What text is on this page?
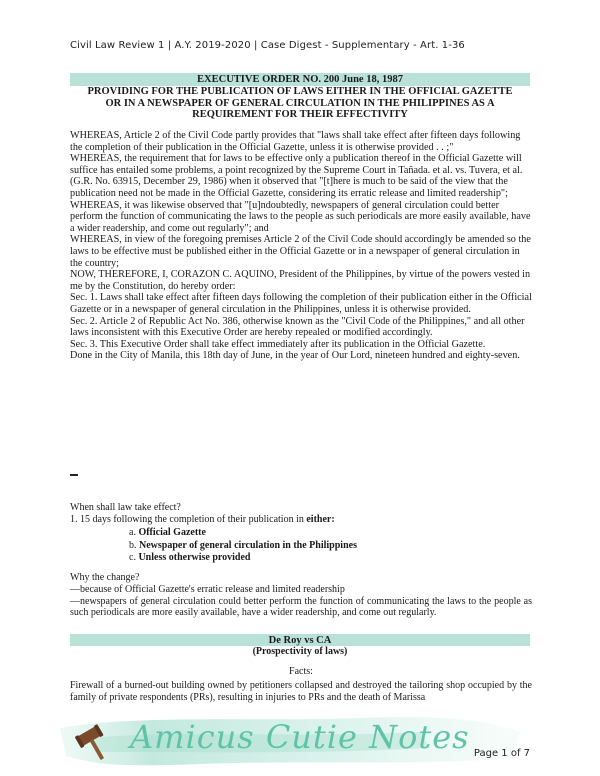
Civil Law Review 1 | A.Y. 2019-2020 | Case Digest - Supplementary - Art. 1-36
EXECUTIVE ORDER NO. 200 June 18, 1987
PROVIDING FOR THE PUBLICATION OF LAWS EITHER IN THE OFFICIAL GAZETTE
OR IN A NEWSPAPER OF GENERAL CIRCULATION IN THE PHILIPPINES AS A
REQUIREMENT FOR THEIR EFFECTIVITY

WHEREAS, Article 2 of the Civil Code partly provides that "laws shall take effect after fifteen days following the completion of their publication in the Official Gazette, unless it is otherwise provided . . ;"

WHEREAS, the requirement that for laws to be effective only a publication thereof in the Official Gazette will suffice has entailed some problems, a point recognized by the Supreme Court in Tañada. et al. vs. Tuvera, et al. (G.R. No. 63915, December 29, 1986) when it observed that "[t]here is much to be said of the view that the publication need not be made in the Official Gazette, considering its erratic release and limited readership";

WHEREAS, it was likewise observed that "[u]ndoubtedly, newspapers of general circulation could better perform the function of communicating the laws to the people as such periodicals are more easily available, have a wider readership, and come out regularly"; and

WHEREAS, in view of the foregoing premises Article 2 of the Civil Code should accordingly be amended so the laws to be effective must be published either in the Official Gazette or in a newspaper of general circulation in the country;

NOW, THEREFORE, I, CORAZON C. AQUINO, President of the Philippines, by virtue of the powers vested in me by the Constitution, do hereby order:

Sec. 1. Laws shall take effect after fifteen days following the completion of their publication either in the Official Gazette or in a newspaper of general circulation in the Philippines, unless it is otherwise provided.

Sec. 2. Article 2 of Republic Act No. 386, otherwise known as the "Civil Code of the Philippines," and all other laws inconsistent with this Executive Order are hereby repealed or modified accordingly.

Sec. 3. This Executive Order shall take effect immediately after its publication in the Official Gazette.

Done in the City of Manila, this 18th day of June, in the year of Our Lord, nineteen hundred and eighty-seven.

When shall law take effect?
1. 15 days following the completion of their publication in either:
a. Official Gazette
b. Newspaper of general circulation in the Philippines
c. Unless otherwise provided
Why the change?
—because of Official Gazette's erratic release and limited readership
—newspapers of general circulation could better perform the function of communicating the laws to the people as such periodicals are more easily available, have a wider readership, and come out regularly.
De Roy vs CA
(Prospectivity of laws)
Facts:
Firewall of a burned-out building owned by petitioners collapsed and destroyed the tailoring shop occupied by the family of private respondents (PRs), resulting in injuries to PRs and the death of Marissa
Amicus Cutie Notes Page 1 of 7
